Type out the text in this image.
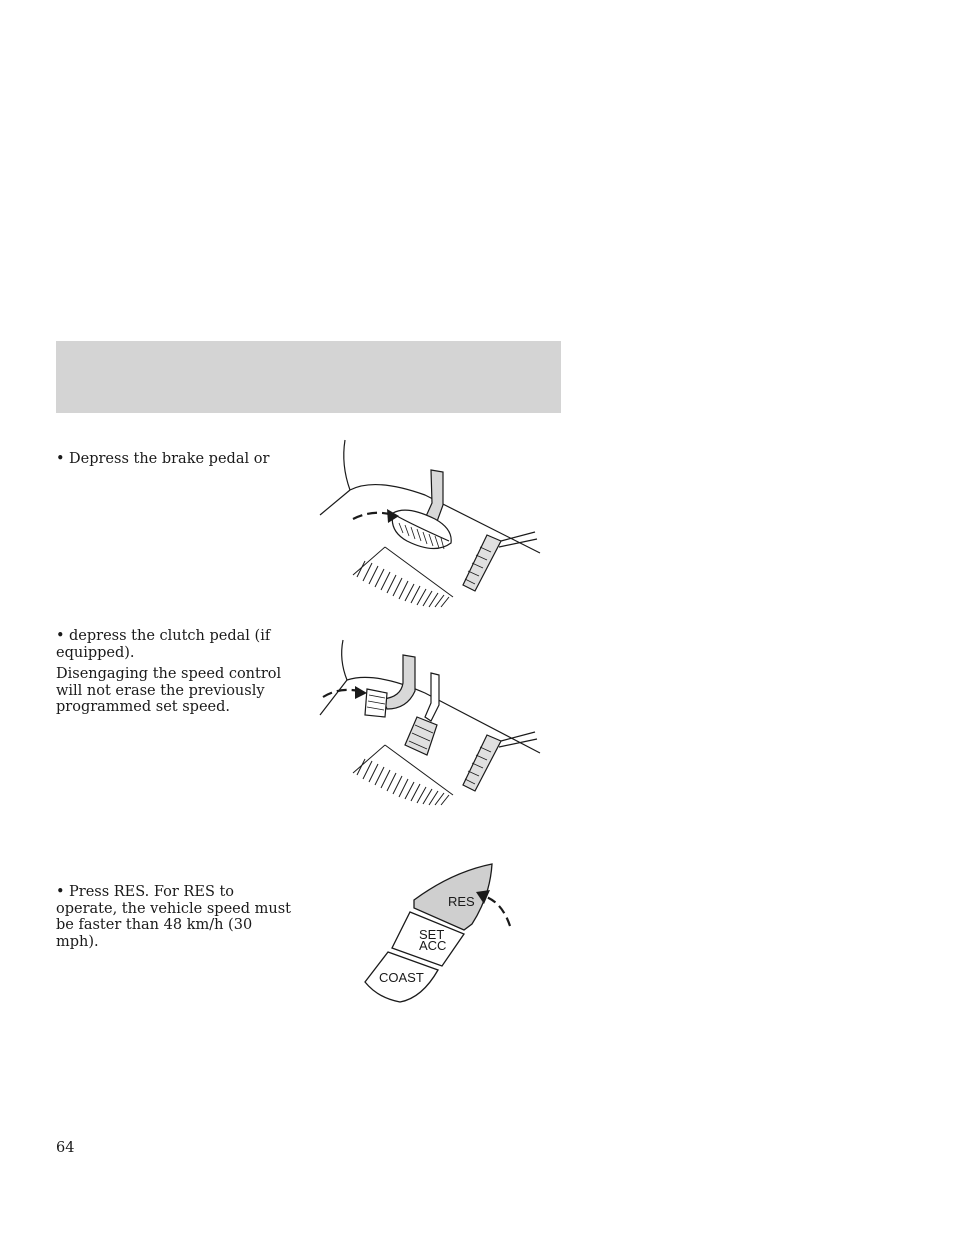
• Depress the brake pedal or

• depress the clutch pedal (if equipped).

Disengaging the speed control will not erase the previously programmed set speed.

• Press RES. For RES to operate, the vehicle speed must be faster than 48 km/h (30 mph).

RES
SET
ACC
COAST
64
